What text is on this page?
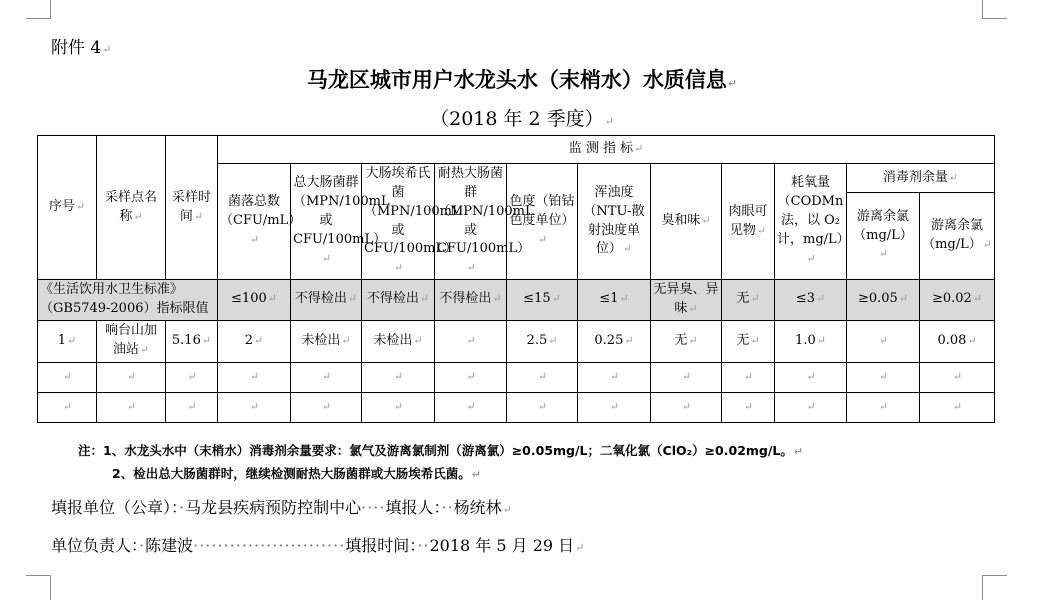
附件 4↵
马龙区城市用户水龙头水（末梢水）水质信息↵
（2018 年 2 季度）↵
序号↵	采样点名称↵	采样时间↵	监 测 指 标↵										
			菌落总数（CFU/mL）↵	总大肠菌群（MPN/100mL 或CFU/100mL）↵	大肠埃希氏菌（MPN/100mL或CFU/100mL）↵	耐热大肠菌群（MPN/100mL或CFU/100mL）↵	色度（铂钴色度单位）↵	浑浊度（NTU-散射浊度单位）↵	臭和味↵	肉眼可见物↵	耗氧量（CODMn法，以 O₂计，mg/L）↵	消毒剂余量↵	
												游离余氯（mg/L）↵	游离余氯（mg/L）↵
《生活饮用水卫生标准》（GB5749-2006）指标限值			≤100↵	不得检出↵	不得检出↵	不得检出↵	≤15↵	≤1↵	无异臭、异味↵	无↵	≤3↵	≥0.05↵	≥0.02↵
1↵	响台山加油站↵	5.16↵	2↵	未检出↵	未检出↵	↵	2.5↵	0.25↵	无↵	无↵	1.0↵	↵	0.08↵
↵	↵	↵	↵	↵	↵	↵	↵	↵	↵	↵	↵	↵	↵
↵	↵	↵	↵	↵	↵	↵	↵	↵	↵	↵	↵	↵	↵
注：1、水龙头水中（末梢水）消毒剂余量要求：氯气及游离氯制剂（游离氯）≥0.05mg/L；二氧化氯（ClO₂）≥0.02mg/L。↵
2、检出总大肠菌群时，继续检测耐热大肠菌群或大肠埃希氏菌。↵
填报单位（公章）：·马龙县疾病预防控制中心····填报人：··杨统林↵
单位负责人：·陈建波·························填报时间：··2018 年 5 月 29 日↵
